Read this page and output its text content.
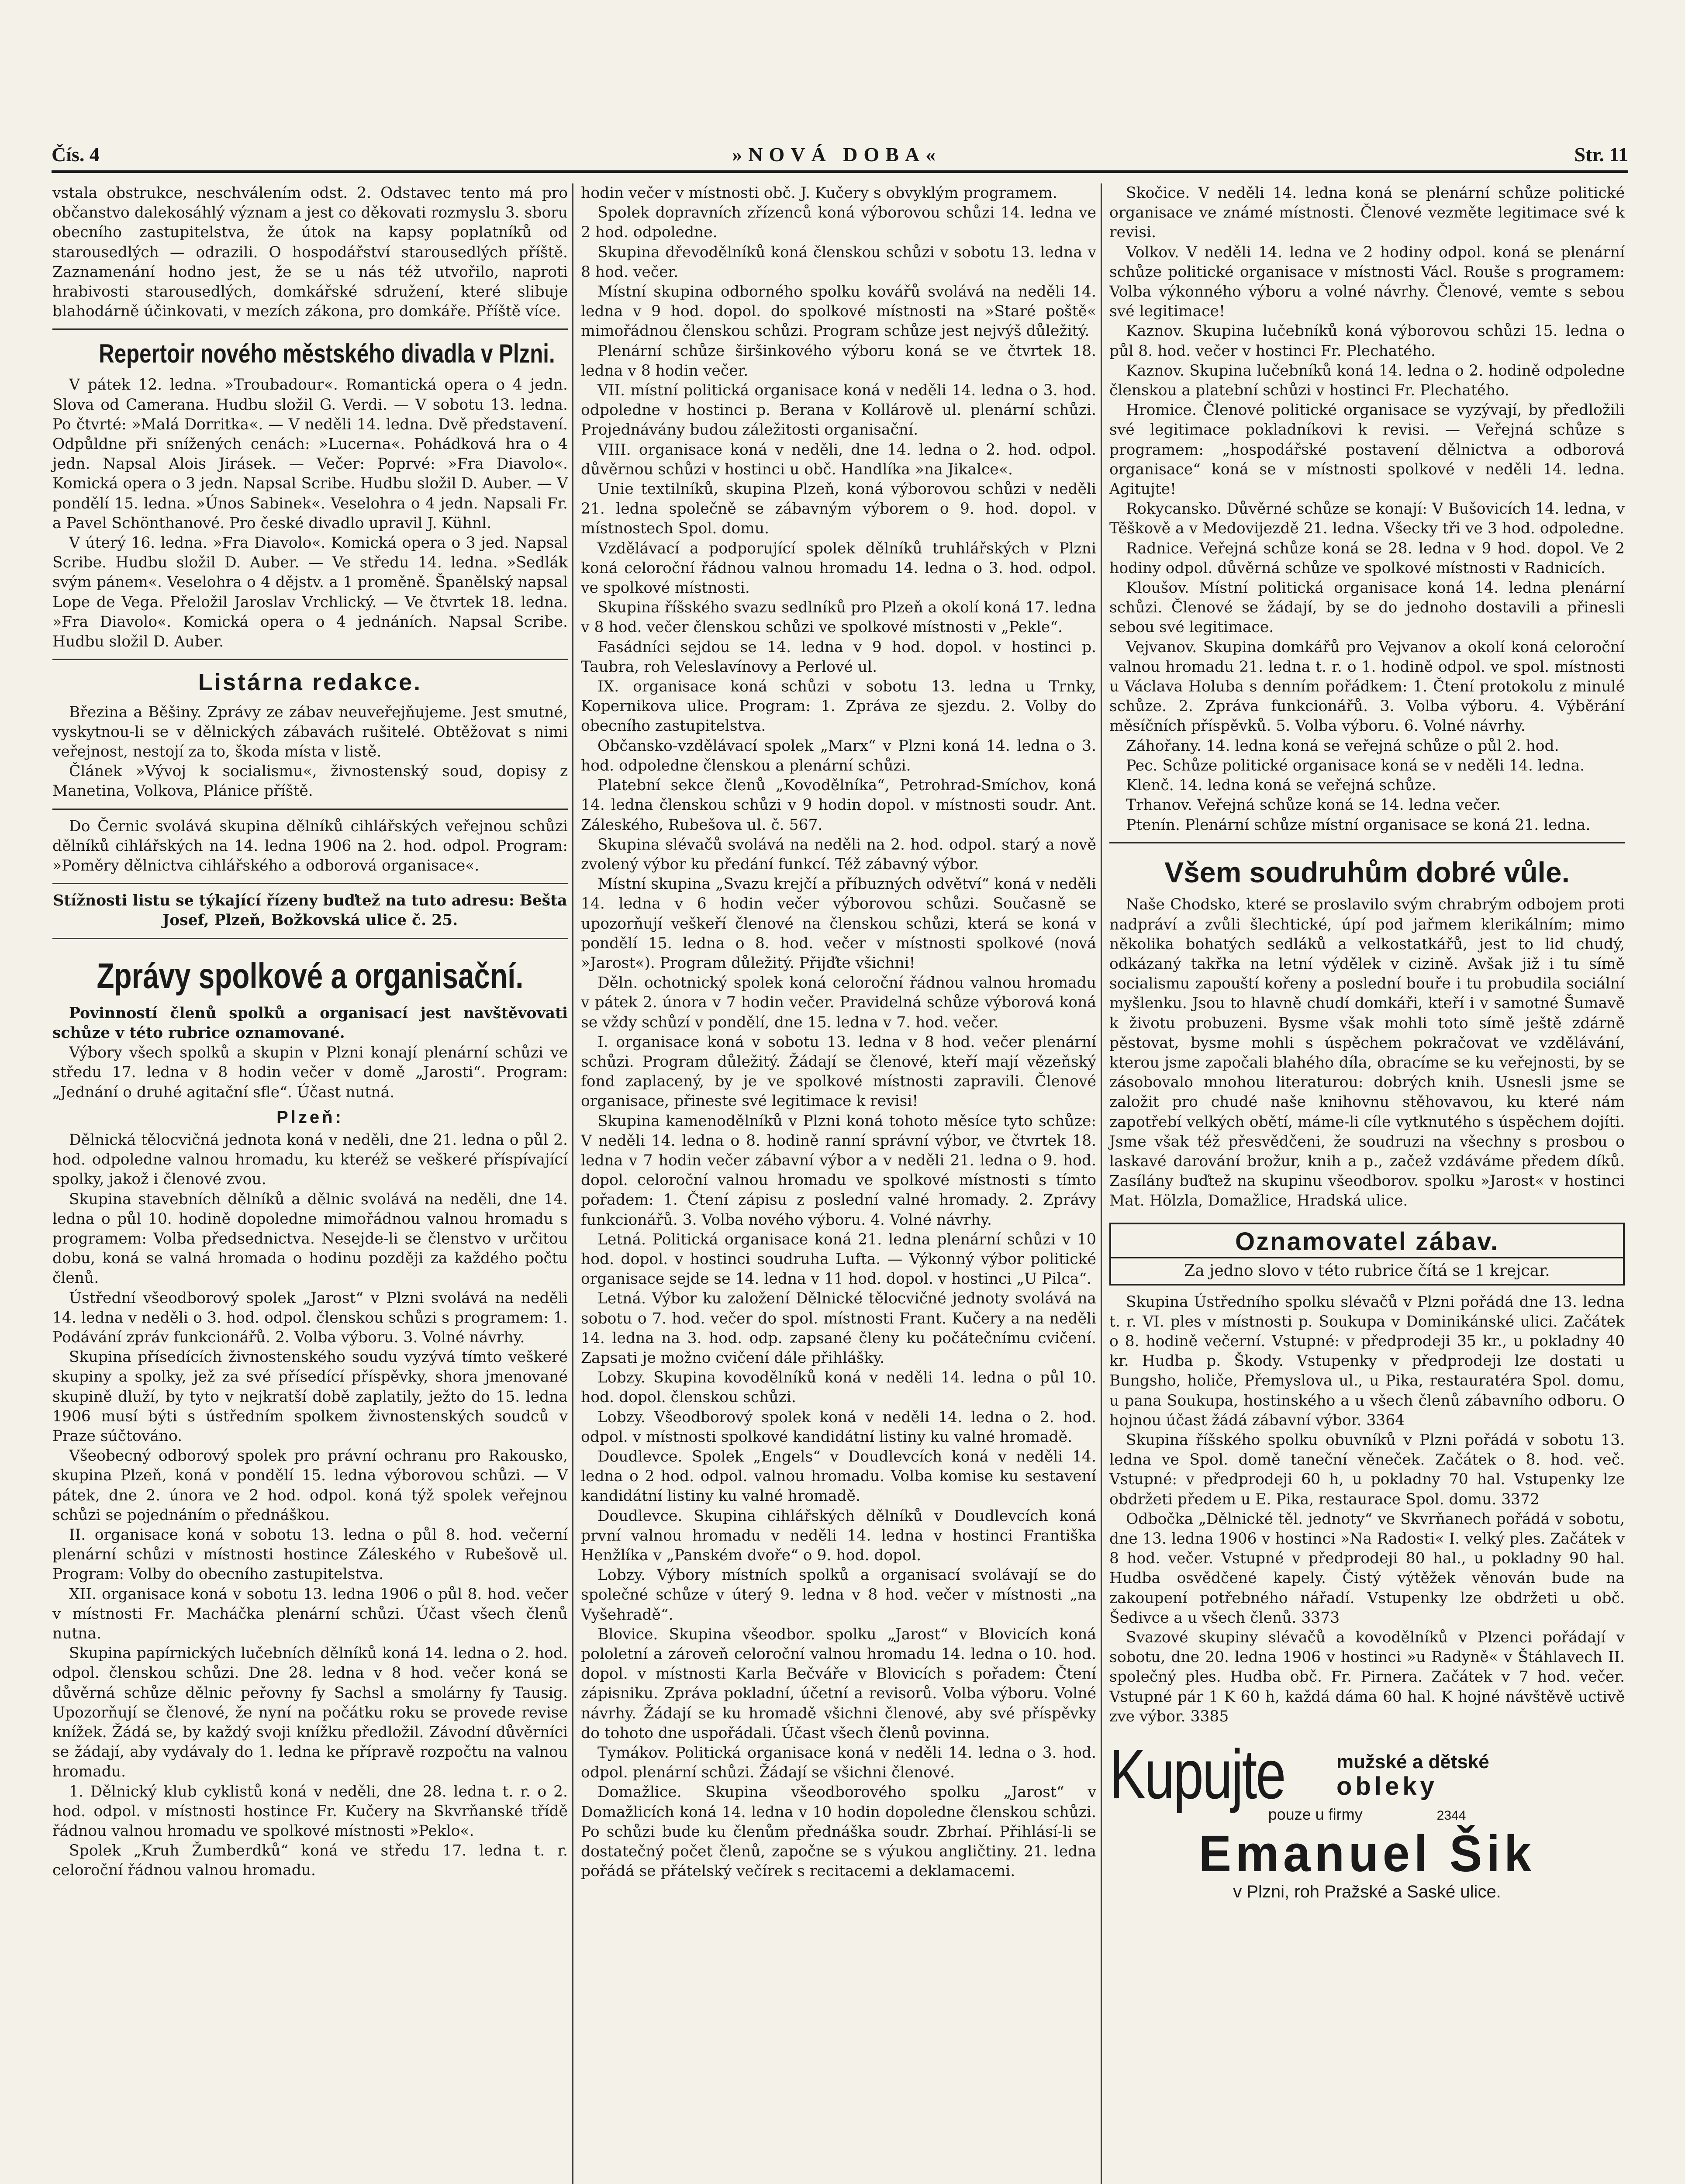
Čís. 4	»NOVÁ DOBA«	Str. 11

vstala obstrukce, neschválením odst. 2. Odstavec tento má pro občanstvo dalekosáhlý význam a jest co děkovati rozmyslu 3. sboru obecního zastupitelstva, že útok na kapsy poplatníků od starousedlých — odrazili. O hospodářství starousedlých příště. Zaznamenání hodno jest, že se u nás též utvořilo, naproti hrabivosti starousedlých, domkářské sdružení, které slibuje blahodárně účinkovati, v mezích zákona, pro domkáře. Příště více.

Repertoir nového městského divadla v Plzni.

V pátek 12. ledna. »Troubadour«. Romantická opera o 4 jedn. Slova od Camerana. Hudbu složil G. Verdi. — V sobotu 13. ledna. Po čtvrté: »Malá Dorritka«. — V neděli 14. ledna. Dvě představení. Odpůldne při snížených cenách: »Lucerna«. Pohádková hra o 4 jedn. Napsal Alois Jirásek. — Večer: Poprvé: »Fra Diavolo«. Komická opera o 3 jedn. Napsal Scribe. Hudbu složil D. Auber. — V pondělí 15. ledna. »Únos Sabinek«. Veselohra o 4 jedn. Napsali Fr. a Pavel Schönthanové. Pro české divadlo upravil J. Kühnl.

V úterý 16. ledna. »Fra Diavolo«. Komická opera o 3 jed. Napsal Scribe. Hudbu složil D. Auber. — Ve středu 14. ledna. »Sedlák svým pánem«. Veselohra o 4 dějstv. a 1 proměně. Španělský napsal Lope de Vega. Přeložil Jaroslav Vrchlický. — Ve čtvrtek 18. ledna. »Fra Diavolo«. Komická opera o 4 jednáních. Napsal Scribe. Hudbu složil D. Auber.

Listárna redakce.

Březina a Běšiny. Zprávy ze zábav neuveřejňujeme. Jest smutné, vyskytnou-li se v dělnických zábavách rušitelé. Obtěžovat s nimi veřejnost, nestojí za to, škoda místa v listě.

Článek »Vývoj k socialismu«, živnostenský soud, dopisy z Manetina, Volkova, Plánice příště.

Do Černic svolává skupina dělníků cihlářských veřejnou schůzi dělníků cihlářských na 14. ledna 1906 na 2. hod. odpol. Program: »Poměry dělnictva cihlářského a odborová organisace«.

Stížnosti listu se týkající řízeny buďtež na tuto adresu: Bešta Josef, Plzeň, Božkovská ulice č. 25.

Zprávy spolkové a organisační.

Povinností členů spolků a organisací jest navštěvovati schůze v této rubrice oznamované.

Výbory všech spolků a skupin v Plzni konají plenární schůzi ve středu 17. ledna v 8 hodin večer v domě „Jarosti“. Program: „Jednání o druhé agitační sfle“. Účast nutná.

Plzeň:

Dělnická tělocvičná jednota koná v neděli, dne 21. ledna o půl 2. hod. odpoledne valnou hromadu, ku kteréž se veškeré příspívající spolky, jakož i členové zvou.

Skupina stavebních dělníků a dělnic svolává na neděli, dne 14. ledna o půl 10. hodině dopoledne mimořádnou valnou hromadu s programem: Volba předsednictva. Nesejde-li se členstvo v určitou dobu, koná se valná hromada o hodinu později za každého počtu členů.

Ústřední všeodborový spolek „Jarost“ v Plzni svolává na neděli 14. ledna v neděli o 3. hod. odpol. členskou schůzi s programem: 1. Podávání zpráv funkcionářů. 2. Volba výboru. 3. Volné návrhy.

Skupina přísedících živnostenského soudu vyzývá tímto veškeré skupiny a spolky, jež za své přísedící příspěvky, shora jmenované skupině dluží, by tyto v nejkratší době zaplatily, ježto do 15. ledna 1906 musí býti s ústředním spolkem živnostenských soudců v Praze súčtováno.

Všeobecný odborový spolek pro právní ochranu pro Rakousko, skupina Plzeň, koná v pondělí 15. ledna výborovou schůzi. — V pátek, dne 2. února ve 2 hod. odpol. koná týž spolek veřejnou schůzi se pojednáním o přednáškou.

II. organisace koná v sobotu 13. ledna o půl 8. hod. večerní plenární schůzi v místnosti hostince Záleského v Rubešově ul. Program: Volby do obecního zastupitelstva.

XII. organisace koná v sobotu 13. ledna 1906 o půl 8. hod. večer v místnosti Fr. Macháčka plenární schůzi. Účast všech členů nutna.

Skupina papírnických lučebních dělníků koná 14. ledna o 2. hod. odpol. členskou schůzi. Dne 28. ledna v 8 hod. večer koná se důvěrná schůze dělnic peřovny fy Sachsl a smolárny fy Tausig. Upozorňují se členové, že nyní na počátku roku se provede revise knížek. Žádá se, by každý svoji knížku předložil. Závodní důvěrníci se žádají, aby vydávaly do 1. ledna ke přípravě rozpočtu na valnou hromadu.

1. Dělnický klub cyklistů koná v neděli, dne 28. ledna t. r. o 2. hod. odpol. v místnosti hostince Fr. Kučery na Skvrňanské třídě řádnou valnou hromadu ve spolkové místnosti »Peklo«.

Spolek „Kruh Žumberdků“ koná ve středu 17. ledna t. r. celoroční řádnou valnou hromadu.

hodin večer v místnosti obč. J. Kučery s obvyklým programem.

Spolek dopravních zřízenců koná výborovou schůzi 14. ledna ve 2 hod. odpoledne.

Skupina dřevodělníků koná členskou schůzi v sobotu 13. ledna v 8 hod. večer.

Místní skupina odborného spolku kovářů svolává na neděli 14. ledna v 9 hod. dopol. do spolkové místnosti na »Staré poště« mimořádnou členskou schůzi. Program schůze jest nejvýš důležitý.

Plenární schůze širšinkového výboru koná se ve čtvrtek 18. ledna v 8 hodin večer.

VII. místní politická organisace koná v neděli 14. ledna o 3. hod. odpoledne v hostinci p. Berana v Kollárově ul. plenární schůzi. Projednávány budou záležitosti organisační.

VIII. organisace koná v neděli, dne 14. ledna o 2. hod. odpol. důvěrnou schůzi v hostinci u obč. Handlíka »na Jikalce«.

Unie textilníků, skupina Plzeň, koná výborovou schůzi v neděli 21. ledna společně se zábavným výborem o 9. hod. dopol. v místnostech Spol. domu.

Vzdělávací a podporující spolek dělníků truhlářských v Plzni koná celoroční řádnou valnou hromadu 14. ledna o 3. hod. odpol. ve spolkové místnosti.

Skupina říšského svazu sedlníků pro Plzeň a okolí koná 17. ledna v 8 hod. večer členskou schůzi ve spolkové místnosti v „Pekle“.

Fasádníci sejdou se 14. ledna v 9 hod. dopol. v hostinci p. Taubra, roh Veleslavínovy a Perlové ul.

IX. organisace koná schůzi v sobotu 13. ledna u Trnky, Kopernikova ulice. Program: 1. Zpráva ze sjezdu. 2. Volby do obecního zastupitelstva.

Občansko-vzdělávací spolek „Marx“ v Plzni koná 14. ledna o 3. hod. odpoledne členskou a plenární schůzi.

Platební sekce členů „Kovodělníka“, Petrohrad-Smíchov, koná 14. ledna členskou schůzi v 9 hodin dopol. v místnosti soudr. Ant. Záleského, Rubešova ul. č. 567.

Skupina slévačů svolává na neděli na 2. hod. odpol. starý a nově zvolený výbor ku předání funkcí. Též zábavný výbor.

Místní skupina „Svazu krejčí a příbuzných odvětví“ koná v neděli 14. ledna v 6 hodin večer výborovou schůzi. Současně se upozorňují veškeří členové na členskou schůzi, která se koná v pondělí 15. ledna o 8. hod. večer v místnosti spolkové (nová »Jarost«). Program důležitý. Přijďte všichni!

Děln. ochotnický spolek koná celoroční řádnou valnou hromadu v pátek 2. února v 7 hodin večer. Pravidelná schůze výborová koná se vždy schůzí v pondělí, dne 15. ledna v 7. hod. večer.

I. organisace koná v sobotu 13. ledna v 8 hod. večer plenární schůzi. Program důležitý. Žádají se členové, kteří mají vězeňský fond zaplacený, by je ve spolkové místnosti zapravili. Členové organisace, přineste své legitimace k revisi!

Skupina kamenodělníků v Plzni koná tohoto měsíce tyto schůze: V neděli 14. ledna o 8. hodině ranní správní výbor, ve čtvrtek 18. ledna v 7 hodin večer zábavní výbor a v neděli 21. ledna o 9. hod. dopol. celoroční valnou hromadu ve spolkové místnosti s tímto pořadem: 1. Čtení zápisu z poslední valné hromady. 2. Zprávy funkcionářů. 3. Volba nového výboru. 4. Volné návrhy.

Letná. Politická organisace koná 21. ledna plenární schůzi v 10 hod. dopol. v hostinci soudruha Lufta. — Výkonný výbor politické organisace sejde se 14. ledna v 11 hod. dopol. v hostinci „U Pilca“.

Letná. Výbor ku založení Dělnické tělocvičné jednoty svolává na sobotu o 7. hod. večer do spol. místnosti Frant. Kučery a na neděli 14. ledna na 3. hod. odp. zapsané členy ku počátečnímu cvičení. Zapsati je možno cvičení dále přihlášky.

Lobzy. Skupina kovodělníků koná v neděli 14. ledna o půl 10. hod. dopol. členskou schůzi.

Lobzy. Všeodborový spolek koná v neděli 14. ledna o 2. hod. odpol. v místnosti spolkové kandidátní listiny ku valné hromadě.

Doudlevce. Spolek „Engels“ v Doudlevcích koná v neděli 14. ledna o 2 hod. odpol. valnou hromadu. Volba komise ku sestavení kandidátní listiny ku valné hromadě.

Doudlevce. Skupina cihlářských dělníků v Doudlevcích koná první valnou hromadu v neděli 14. ledna v hostinci Františka Henžlíka v „Panském dvoře“ o 9. hod. dopol.

Lobzy. Výbory místních spolků a organisací svolávají se do společné schůze v úterý 9. ledna v 8 hod. večer v místnosti „na Vyšehradě“.

Blovice. Skupina všeodbor. spolku „Jarost“ v Blovicích koná pololetní a zároveň celoroční valnou hromadu 14. ledna o 10. hod. dopol. v místnosti Karla Bečváře v Blovicích s pořadem: Čtení zápisniku. Zpráva pokladní, účetní a revisorů. Volba výboru. Volné návrhy. Žádají se ku hromadě všichni členové, aby své příspěvky do tohoto dne uspořádali. Účast všech členů povinna.

Tymákov. Politická organisace koná v neděli 14. ledna o 3. hod. odpol. plenární schůzi. Žádají se všichni členové.

Domažlice. Skupina všeodborového spolku „Jarost“ v Domažlicích koná 14. ledna v 10 hodin dopoledne členskou schůzi. Po schůzi bude ku členům přednáška soudr. Zbrhaí. Přihlásí-li se dostatečný počet členů, započne se s výukou angličtiny. 21. ledna pořádá se přátelský večírek s recitacemi a deklamacemi.

Skočice. V neděli 14. ledna koná se plenární schůze politické organisace ve známé místnosti. Členové vezměte legitimace své k revisi.

Volkov. V neděli 14. ledna ve 2 hodiny odpol. koná se plenární schůze politické organisace v místnosti Václ. Rouše s programem: Volba výkonného výboru a volné návrhy. Členové, vemte s sebou své legitimace!

Kaznov. Skupina lučebníků koná výborovou schůzi 15. ledna o půl 8. hod. večer v hostinci Fr. Plechatého.

Kaznov. Skupina lučebníků koná 14. ledna o 2. hodině odpoledne členskou a platební schůzi v hostinci Fr. Plechatého.

Hromice. Členové politické organisace se vyzývají, by předložili své legitimace pokladníkovi k revisi. — Veřejná schůze s programem: „hospodářské postavení dělnictva a odborová organisace“ koná se v místnosti spolkové v neděli 14. ledna. Agitujte!

Rokycansko. Důvěrné schůze se konají: V Bušovicích 14. ledna, v Těškově a v Medovijezdě 21. ledna. Všecky tři ve 3 hod. odpoledne.

Radnice. Veřejná schůze koná se 28. ledna v 9 hod. dopol. Ve 2 hodiny odpol. důvěrná schůze ve spolkové místnosti v Radnicích.

Kloušov. Místní politická organisace koná 14. ledna plenární schůzi. Členové se žádají, by se do jednoho dostavili a přinesli sebou své legitimace.

Vejvanov. Skupina domkářů pro Vejvanov a okolí koná celoroční valnou hromadu 21. ledna t. r. o 1. hodině odpol. ve spol. místnosti u Václava Holuba s denním pořádkem: 1. Čtení protokolu z minulé schůze. 2. Zpráva funkcionářů. 3. Volba výboru. 4. Výběrání měsíčních příspěvků. 5. Volba výboru. 6. Volné návrhy.

Záhořany. 14. ledna koná se veřejná schůze o půl 2. hod.

Pec. Schůze politické organisace koná se v neděli 14. ledna.

Klenč. 14. ledna koná se veřejná schůze.

Trhanov. Veřejná schůze koná se 14. ledna večer.

Ptenín. Plenární schůze místní organisace se koná 21. ledna.

Všem soudruhům dobré vůle.

Naše Chodsko, které se proslavilo svým chrabrým odbojem proti nadpráví a zvůli šlechtické, úpí pod jařmem klerikálním; mimo několika bohatých sedláků a velkostatkářů, jest to lid chudý, odkázaný takřka na letní výdělek v cizině. Avšak již i tu símě socialismu zapouští kořeny a poslední bouře i tu probudila sociální myšlenku. Jsou to hlavně chudí domkáři, kteří i v samotné Šumavě k životu probuzeni. Bysme však mohli toto símě ještě zdárně pěstovat, bysme mohli s úspěchem pokračovat ve vzdělávání, kterou jsme započali blahého díla, obracíme se ku veřejnosti, by se zásobovalo mnohou literaturou: dobrých knih. Usnesli jsme se založit pro chudé naše knihovnu stěhovavou, ku které nám zapotřebí velkých obětí, máme-li cíle vytknutého s úspěchem dojíti. Jsme však též přesvědčeni, že soudruzi na všechny s prosbou o laskavé darování brožur, knih a p., začež vzdáváme předem díků. Zasílány buďtež na skupinu všeodborov. spolku »Jarost« v hostinci Mat. Hölzla, Domažlice, Hradská ulice.

Oznamovatel zábav.
Za jedno slovo v této rubrice čítá se 1 krejcar.

Skupina Ústředního spolku slévačů v Plzni pořádá dne 13. ledna t. r. VI. ples v místnosti p. Soukupa v Dominikánské ulici. Začátek o 8. hodině večerní. Vstupné: v předprodeji 35 kr., u pokladny 40 kr. Hudba p. Škody. Vstupenky v předprodeji lze dostati u Bungsho, holiče, Přemyslova ul., u Pika, restauratéra Spol. domu, u pana Soukupa, hostinského a u všech členů zábavního odboru. O hojnou účast žádá zábavní výbor. 3364

Skupina říšského spolku obuvníků v Plzni pořádá v sobotu 13. ledna ve Spol. domě taneční věneček. Začátek o 8. hod. več. Vstupné: v předprodeji 60 h, u pokladny 70 hal. Vstupenky lze obdržeti předem u E. Pika, restaurace Spol. domu. 3372

Odbočka „Dělnické těl. jednoty“ ve Skvrňanech pořádá v sobotu, dne 13. ledna 1906 v hostinci »Na Radosti« I. velký ples. Začátek v 8 hod. večer. Vstupné v předprodeji 80 hal., u pokladny 90 hal. Hudba osvědčené kapely. Čistý výtěžek věnován bude na zakoupení potřebného nářadí. Vstupenky lze obdržeti u obč. Šedivce a u všech členů. 3373

Svazové skupiny slévačů a kovodělníků v Plzenci pořádají v sobotu, dne 20. ledna 1906 v hostinci »u Radyně« v Štáhlavech II. společný ples. Hudba obč. Fr. Pirnera. Začátek v 7 hod. večer. Vstupné pár 1 K 60 h, každá dáma 60 hal. K hojné návštěvě uctivě zve výbor. 3385

Kupujte	mužské a dětské
obleky
pouze u firmy	2344
Emanuel Šik
v Plzni, roh Pražské a Saské ulice.
